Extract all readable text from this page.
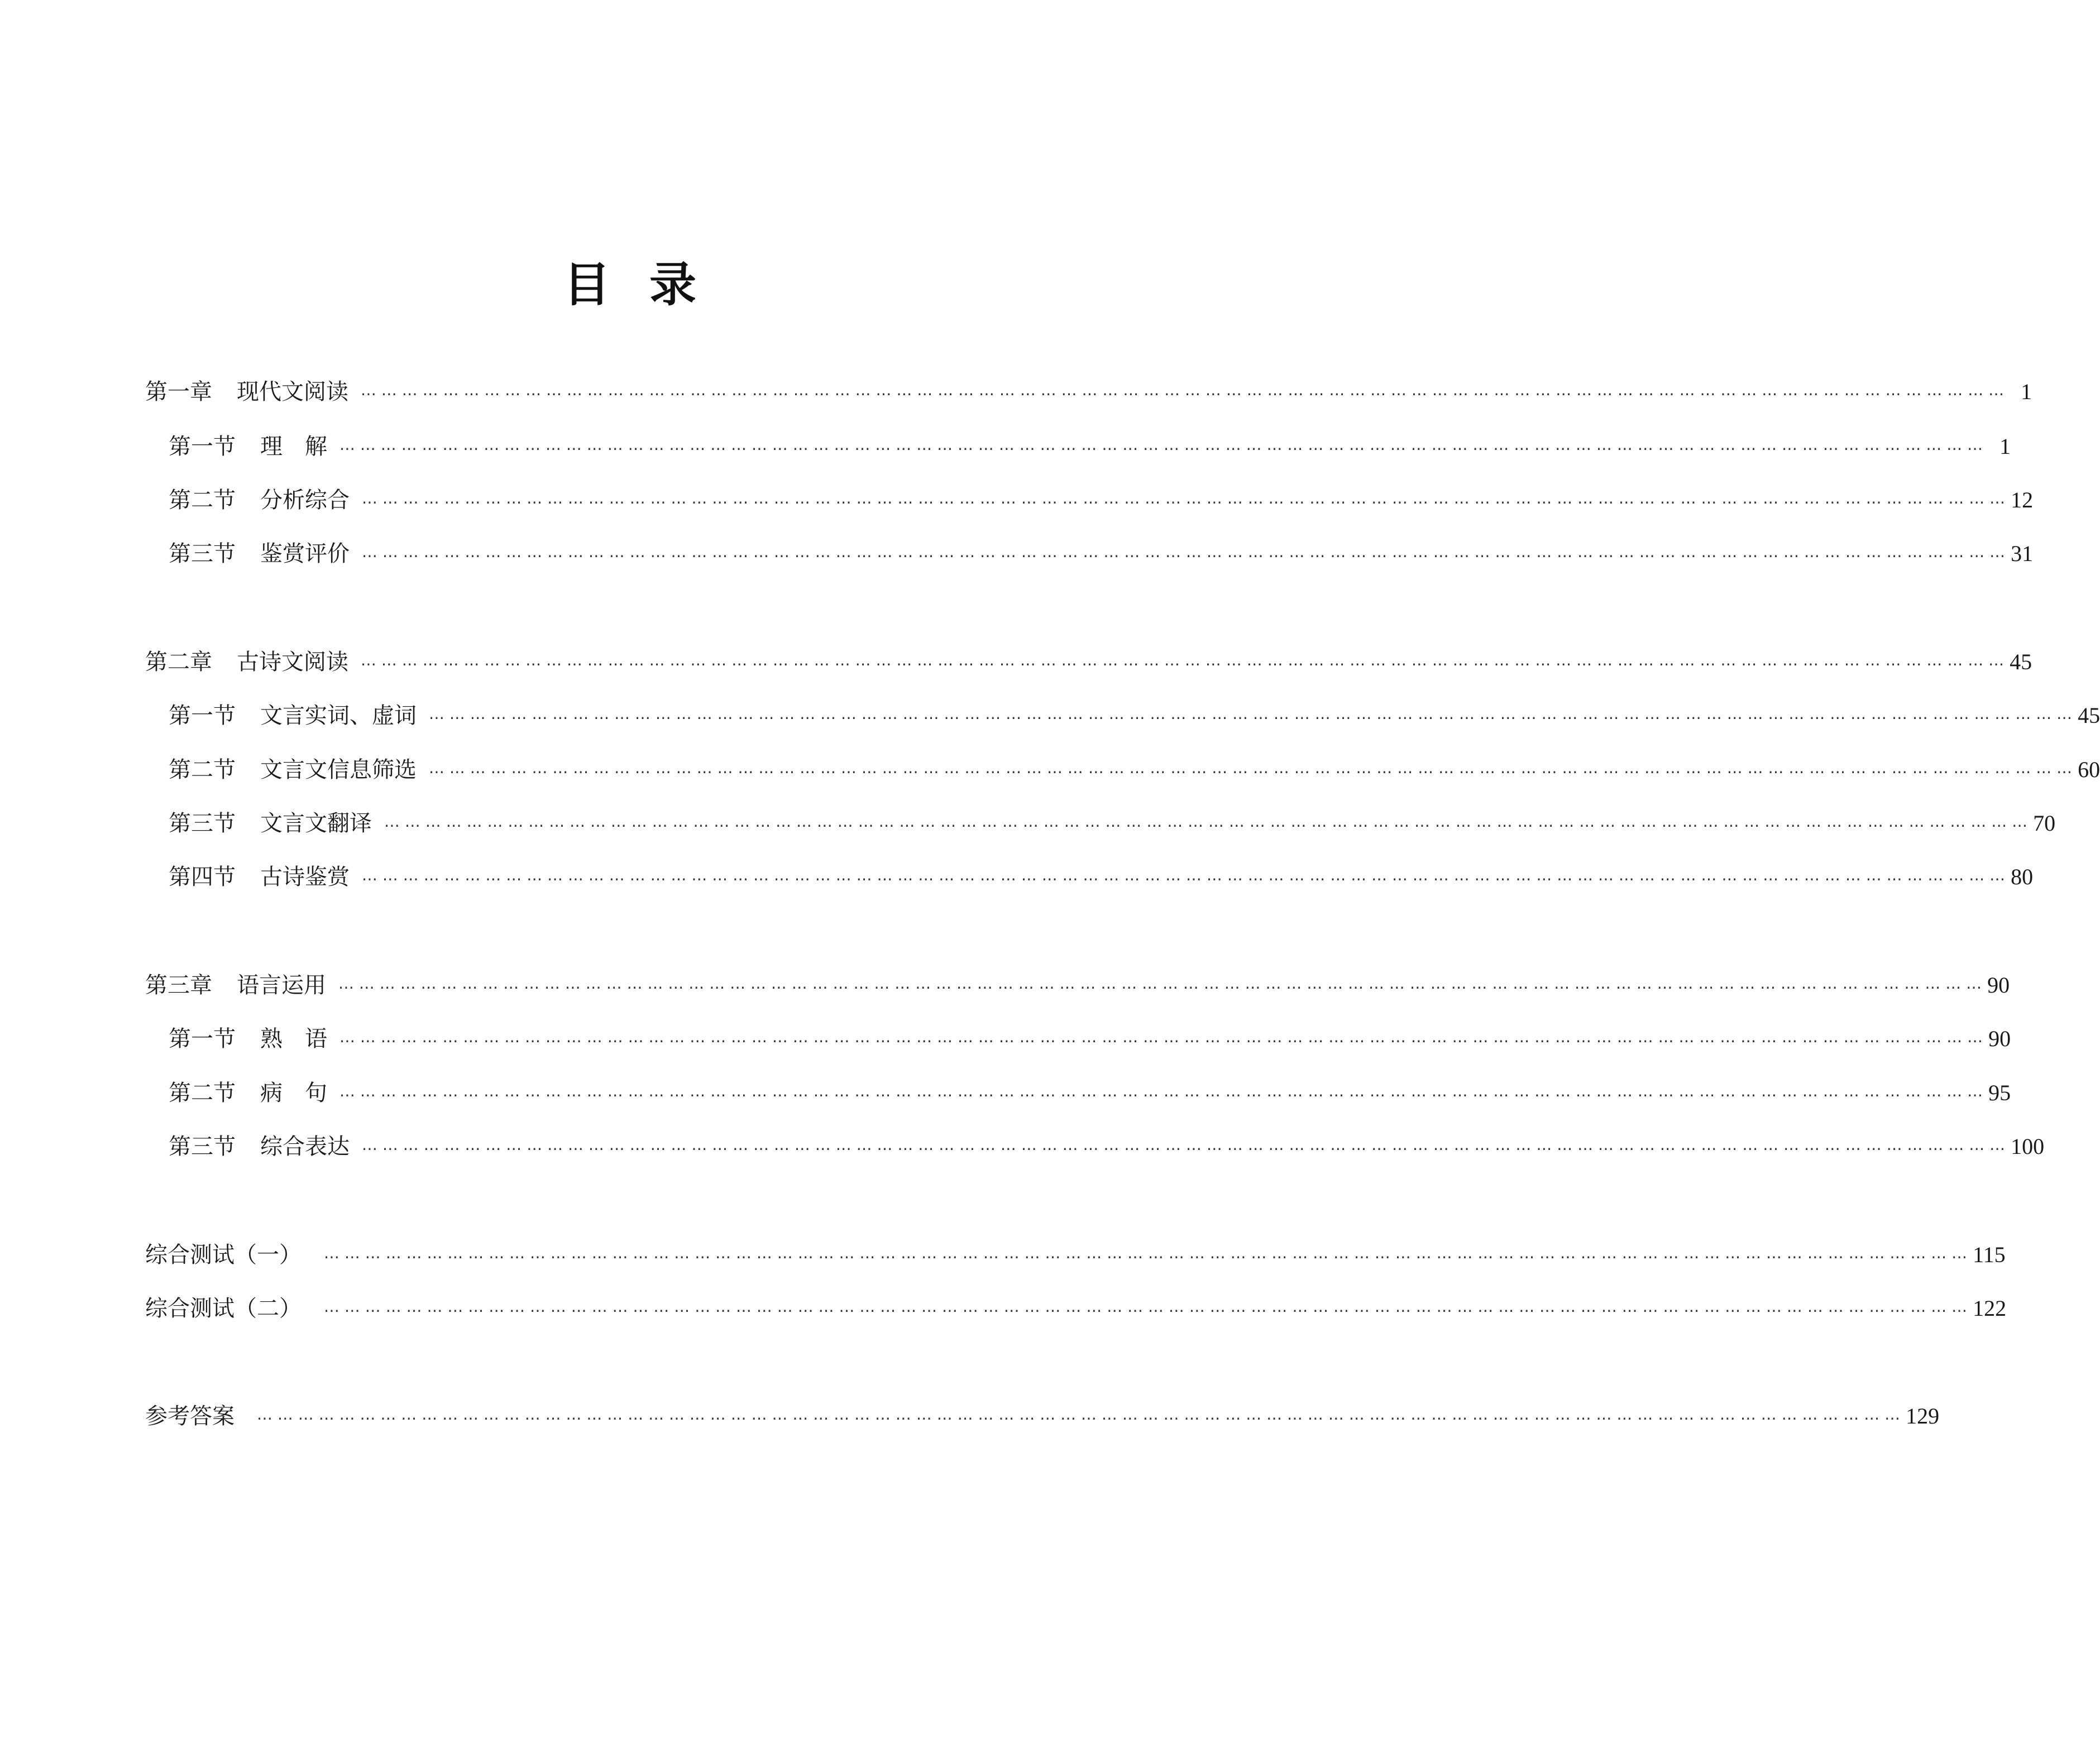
目 录
第一章 现代文阅读 ⋯ ⋯ ⋯ ⋯ ⋯ ⋯ ⋯ ⋯ ⋯ ⋯ ⋯ ⋯ ⋯ ⋯ ⋯ ⋯ ⋯ ⋯ ⋯ ⋯ ⋯ ⋯ ⋯ ⋯ ⋯ ⋯ ⋯ ⋯ ⋯ ⋯ ⋯ ⋯ ⋯ ⋯ ⋯ ⋯ ⋯ ⋯ ⋯ ⋯ ⋯ ⋯ ⋯ ⋯ ⋯ ⋯ ⋯ ⋯ ⋯ ⋯ ⋯ ⋯ ⋯ ⋯ ⋯ ⋯ ⋯ ⋯ ⋯ ⋯ ⋯ ⋯ ⋯ ⋯ ⋯ ⋯ ⋯ ⋯ ⋯ ⋯ ⋯ ⋯ ⋯ ⋯ ⋯ ⋯ ⋯ ⋯ ⋯ ⋯ 1
第一节 理　解 ⋯ ⋯ ⋯ ⋯ ⋯ ⋯ ⋯ ⋯ ⋯ ⋯ ⋯ ⋯ ⋯ ⋯ ⋯ ⋯ ⋯ ⋯ ⋯ ⋯ ⋯ ⋯ ⋯ ⋯ ⋯ ⋯ ⋯ ⋯ ⋯ ⋯ ⋯ ⋯ ⋯ ⋯ ⋯ ⋯ ⋯ ⋯ ⋯ ⋯ ⋯ ⋯ ⋯ ⋯ ⋯ ⋯ ⋯ ⋯ ⋯ ⋯ ⋯ ⋯ ⋯ ⋯ ⋯ ⋯ ⋯ ⋯ ⋯ ⋯ ⋯ ⋯ ⋯ ⋯ ⋯ ⋯ ⋯ ⋯ ⋯ ⋯ ⋯ ⋯ ⋯ ⋯ ⋯ ⋯ ⋯ ⋯ ⋯ ⋯ 1
第二节 分析综合 ⋯ ⋯ ⋯ ⋯ ⋯ ⋯ ⋯ ⋯ ⋯ ⋯ ⋯ ⋯ ⋯ ⋯ ⋯ ⋯ ⋯ ⋯ ⋯ ⋯ ⋯ ⋯ ⋯ ⋯ ⋯ ⋯ ⋯ ⋯ ⋯ ⋯ ⋯ ⋯ ⋯ ⋯ ⋯ ⋯ ⋯ ⋯ ⋯ ⋯ ⋯ ⋯ ⋯ ⋯ ⋯ ⋯ ⋯ ⋯ ⋯ ⋯ ⋯ ⋯ ⋯ ⋯ ⋯ ⋯ ⋯ ⋯ ⋯ ⋯ ⋯ ⋯ ⋯ ⋯ ⋯ ⋯ ⋯ ⋯ ⋯ ⋯ ⋯ ⋯ ⋯ ⋯ ⋯ ⋯ ⋯ ⋯ ⋯ ⋯ 12
第三节 鉴赏评价 ⋯ ⋯ ⋯ ⋯ ⋯ ⋯ ⋯ ⋯ ⋯ ⋯ ⋯ ⋯ ⋯ ⋯ ⋯ ⋯ ⋯ ⋯ ⋯ ⋯ ⋯ ⋯ ⋯ ⋯ ⋯ ⋯ ⋯ ⋯ ⋯ ⋯ ⋯ ⋯ ⋯ ⋯ ⋯ ⋯ ⋯ ⋯ ⋯ ⋯ ⋯ ⋯ ⋯ ⋯ ⋯ ⋯ ⋯ ⋯ ⋯ ⋯ ⋯ ⋯ ⋯ ⋯ ⋯ ⋯ ⋯ ⋯ ⋯ ⋯ ⋯ ⋯ ⋯ ⋯ ⋯ ⋯ ⋯ ⋯ ⋯ ⋯ ⋯ ⋯ ⋯ ⋯ ⋯ ⋯ ⋯ ⋯ ⋯ ⋯ 31
第二章 古诗文阅读 ⋯ ⋯ ⋯ ⋯ ⋯ ⋯ ⋯ ⋯ ⋯ ⋯ ⋯ ⋯ ⋯ ⋯ ⋯ ⋯ ⋯ ⋯ ⋯ ⋯ ⋯ ⋯ ⋯ ⋯ ⋯ ⋯ ⋯ ⋯ ⋯ ⋯ ⋯ ⋯ ⋯ ⋯ ⋯ ⋯ ⋯ ⋯ ⋯ ⋯ ⋯ ⋯ ⋯ ⋯ ⋯ ⋯ ⋯ ⋯ ⋯ ⋯ ⋯ ⋯ ⋯ ⋯ ⋯ ⋯ ⋯ ⋯ ⋯ ⋯ ⋯ ⋯ ⋯ ⋯ ⋯ ⋯ ⋯ ⋯ ⋯ ⋯ ⋯ ⋯ ⋯ ⋯ ⋯ ⋯ ⋯ ⋯ ⋯ ⋯ 45
第一节 文言实词、虚词 ⋯ ⋯ ⋯ ⋯ ⋯ ⋯ ⋯ ⋯ ⋯ ⋯ ⋯ ⋯ ⋯ ⋯ ⋯ ⋯ ⋯ ⋯ ⋯ ⋯ ⋯ ⋯ ⋯ ⋯ ⋯ ⋯ ⋯ ⋯ ⋯ ⋯ ⋯ ⋯ ⋯ ⋯ ⋯ ⋯ ⋯ ⋯ ⋯ ⋯ ⋯ ⋯ ⋯ ⋯ ⋯ ⋯ ⋯ ⋯ ⋯ ⋯ ⋯ ⋯ ⋯ ⋯ ⋯ ⋯ ⋯ ⋯ ⋯ ⋯ ⋯ ⋯ ⋯ ⋯ ⋯ ⋯ ⋯ ⋯ ⋯ ⋯ ⋯ ⋯ ⋯ ⋯ ⋯ ⋯ ⋯ ⋯ ⋯ ⋯ 45
第二节 文言文信息筛选 ⋯ ⋯ ⋯ ⋯ ⋯ ⋯ ⋯ ⋯ ⋯ ⋯ ⋯ ⋯ ⋯ ⋯ ⋯ ⋯ ⋯ ⋯ ⋯ ⋯ ⋯ ⋯ ⋯ ⋯ ⋯ ⋯ ⋯ ⋯ ⋯ ⋯ ⋯ ⋯ ⋯ ⋯ ⋯ ⋯ ⋯ ⋯ ⋯ ⋯ ⋯ ⋯ ⋯ ⋯ ⋯ ⋯ ⋯ ⋯ ⋯ ⋯ ⋯ ⋯ ⋯ ⋯ ⋯ ⋯ ⋯ ⋯ ⋯ ⋯ ⋯ ⋯ ⋯ ⋯ ⋯ ⋯ ⋯ ⋯ ⋯ ⋯ ⋯ ⋯ ⋯ ⋯ ⋯ ⋯ ⋯ ⋯ ⋯ ⋯ 60
第三节 文言文翻译 ⋯ ⋯ ⋯ ⋯ ⋯ ⋯ ⋯ ⋯ ⋯ ⋯ ⋯ ⋯ ⋯ ⋯ ⋯ ⋯ ⋯ ⋯ ⋯ ⋯ ⋯ ⋯ ⋯ ⋯ ⋯ ⋯ ⋯ ⋯ ⋯ ⋯ ⋯ ⋯ ⋯ ⋯ ⋯ ⋯ ⋯ ⋯ ⋯ ⋯ ⋯ ⋯ ⋯ ⋯ ⋯ ⋯ ⋯ ⋯ ⋯ ⋯ ⋯ ⋯ ⋯ ⋯ ⋯ ⋯ ⋯ ⋯ ⋯ ⋯ ⋯ ⋯ ⋯ ⋯ ⋯ ⋯ ⋯ ⋯ ⋯ ⋯ ⋯ ⋯ ⋯ ⋯ ⋯ ⋯ ⋯ ⋯ ⋯ ⋯ 70
第四节 古诗鉴赏 ⋯ ⋯ ⋯ ⋯ ⋯ ⋯ ⋯ ⋯ ⋯ ⋯ ⋯ ⋯ ⋯ ⋯ ⋯ ⋯ ⋯ ⋯ ⋯ ⋯ ⋯ ⋯ ⋯ ⋯ ⋯ ⋯ ⋯ ⋯ ⋯ ⋯ ⋯ ⋯ ⋯ ⋯ ⋯ ⋯ ⋯ ⋯ ⋯ ⋯ ⋯ ⋯ ⋯ ⋯ ⋯ ⋯ ⋯ ⋯ ⋯ ⋯ ⋯ ⋯ ⋯ ⋯ ⋯ ⋯ ⋯ ⋯ ⋯ ⋯ ⋯ ⋯ ⋯ ⋯ ⋯ ⋯ ⋯ ⋯ ⋯ ⋯ ⋯ ⋯ ⋯ ⋯ ⋯ ⋯ ⋯ ⋯ ⋯ ⋯ 80
第三章 语言运用 ⋯ ⋯ ⋯ ⋯ ⋯ ⋯ ⋯ ⋯ ⋯ ⋯ ⋯ ⋯ ⋯ ⋯ ⋯ ⋯ ⋯ ⋯ ⋯ ⋯ ⋯ ⋯ ⋯ ⋯ ⋯ ⋯ ⋯ ⋯ ⋯ ⋯ ⋯ ⋯ ⋯ ⋯ ⋯ ⋯ ⋯ ⋯ ⋯ ⋯ ⋯ ⋯ ⋯ ⋯ ⋯ ⋯ ⋯ ⋯ ⋯ ⋯ ⋯ ⋯ ⋯ ⋯ ⋯ ⋯ ⋯ ⋯ ⋯ ⋯ ⋯ ⋯ ⋯ ⋯ ⋯ ⋯ ⋯ ⋯ ⋯ ⋯ ⋯ ⋯ ⋯ ⋯ ⋯ ⋯ ⋯ ⋯ ⋯ ⋯ 90
第一节 熟　语 ⋯ ⋯ ⋯ ⋯ ⋯ ⋯ ⋯ ⋯ ⋯ ⋯ ⋯ ⋯ ⋯ ⋯ ⋯ ⋯ ⋯ ⋯ ⋯ ⋯ ⋯ ⋯ ⋯ ⋯ ⋯ ⋯ ⋯ ⋯ ⋯ ⋯ ⋯ ⋯ ⋯ ⋯ ⋯ ⋯ ⋯ ⋯ ⋯ ⋯ ⋯ ⋯ ⋯ ⋯ ⋯ ⋯ ⋯ ⋯ ⋯ ⋯ ⋯ ⋯ ⋯ ⋯ ⋯ ⋯ ⋯ ⋯ ⋯ ⋯ ⋯ ⋯ ⋯ ⋯ ⋯ ⋯ ⋯ ⋯ ⋯ ⋯ ⋯ ⋯ ⋯ ⋯ ⋯ ⋯ ⋯ ⋯ ⋯ ⋯ 90
第二节 病　句 ⋯ ⋯ ⋯ ⋯ ⋯ ⋯ ⋯ ⋯ ⋯ ⋯ ⋯ ⋯ ⋯ ⋯ ⋯ ⋯ ⋯ ⋯ ⋯ ⋯ ⋯ ⋯ ⋯ ⋯ ⋯ ⋯ ⋯ ⋯ ⋯ ⋯ ⋯ ⋯ ⋯ ⋯ ⋯ ⋯ ⋯ ⋯ ⋯ ⋯ ⋯ ⋯ ⋯ ⋯ ⋯ ⋯ ⋯ ⋯ ⋯ ⋯ ⋯ ⋯ ⋯ ⋯ ⋯ ⋯ ⋯ ⋯ ⋯ ⋯ ⋯ ⋯ ⋯ ⋯ ⋯ ⋯ ⋯ ⋯ ⋯ ⋯ ⋯ ⋯ ⋯ ⋯ ⋯ ⋯ ⋯ ⋯ ⋯ ⋯ 95
第三节 综合表达 ⋯ ⋯ ⋯ ⋯ ⋯ ⋯ ⋯ ⋯ ⋯ ⋯ ⋯ ⋯ ⋯ ⋯ ⋯ ⋯ ⋯ ⋯ ⋯ ⋯ ⋯ ⋯ ⋯ ⋯ ⋯ ⋯ ⋯ ⋯ ⋯ ⋯ ⋯ ⋯ ⋯ ⋯ ⋯ ⋯ ⋯ ⋯ ⋯ ⋯ ⋯ ⋯ ⋯ ⋯ ⋯ ⋯ ⋯ ⋯ ⋯ ⋯ ⋯ ⋯ ⋯ ⋯ ⋯ ⋯ ⋯ ⋯ ⋯ ⋯ ⋯ ⋯ ⋯ ⋯ ⋯ ⋯ ⋯ ⋯ ⋯ ⋯ ⋯ ⋯ ⋯ ⋯ ⋯ ⋯ ⋯ ⋯ ⋯ ⋯ 100
综合测试（一） ⋯ ⋯ ⋯ ⋯ ⋯ ⋯ ⋯ ⋯ ⋯ ⋯ ⋯ ⋯ ⋯ ⋯ ⋯ ⋯ ⋯ ⋯ ⋯ ⋯ ⋯ ⋯ ⋯ ⋯ ⋯ ⋯ ⋯ ⋯ ⋯ ⋯ ⋯ ⋯ ⋯ ⋯ ⋯ ⋯ ⋯ ⋯ ⋯ ⋯ ⋯ ⋯ ⋯ ⋯ ⋯ ⋯ ⋯ ⋯ ⋯ ⋯ ⋯ ⋯ ⋯ ⋯ ⋯ ⋯ ⋯ ⋯ ⋯ ⋯ ⋯ ⋯ ⋯ ⋯ ⋯ ⋯ ⋯ ⋯ ⋯ ⋯ ⋯ ⋯ ⋯ ⋯ ⋯ ⋯ ⋯ ⋯ ⋯ ⋯ 115
综合测试（二） ⋯ ⋯ ⋯ ⋯ ⋯ ⋯ ⋯ ⋯ ⋯ ⋯ ⋯ ⋯ ⋯ ⋯ ⋯ ⋯ ⋯ ⋯ ⋯ ⋯ ⋯ ⋯ ⋯ ⋯ ⋯ ⋯ ⋯ ⋯ ⋯ ⋯ ⋯ ⋯ ⋯ ⋯ ⋯ ⋯ ⋯ ⋯ ⋯ ⋯ ⋯ ⋯ ⋯ ⋯ ⋯ ⋯ ⋯ ⋯ ⋯ ⋯ ⋯ ⋯ ⋯ ⋯ ⋯ ⋯ ⋯ ⋯ ⋯ ⋯ ⋯ ⋯ ⋯ ⋯ ⋯ ⋯ ⋯ ⋯ ⋯ ⋯ ⋯ ⋯ ⋯ ⋯ ⋯ ⋯ ⋯ ⋯ ⋯ ⋯ 122
参考答案 ⋯ ⋯ ⋯ ⋯ ⋯ ⋯ ⋯ ⋯ ⋯ ⋯ ⋯ ⋯ ⋯ ⋯ ⋯ ⋯ ⋯ ⋯ ⋯ ⋯ ⋯ ⋯ ⋯ ⋯ ⋯ ⋯ ⋯ ⋯ ⋯ ⋯ ⋯ ⋯ ⋯ ⋯ ⋯ ⋯ ⋯ ⋯ ⋯ ⋯ ⋯ ⋯ ⋯ ⋯ ⋯ ⋯ ⋯ ⋯ ⋯ ⋯ ⋯ ⋯ ⋯ ⋯ ⋯ ⋯ ⋯ ⋯ ⋯ ⋯ ⋯ ⋯ ⋯ ⋯ ⋯ ⋯ ⋯ ⋯ ⋯ ⋯ ⋯ ⋯ ⋯ ⋯ ⋯ ⋯ ⋯ ⋯ ⋯ ⋯ 129
